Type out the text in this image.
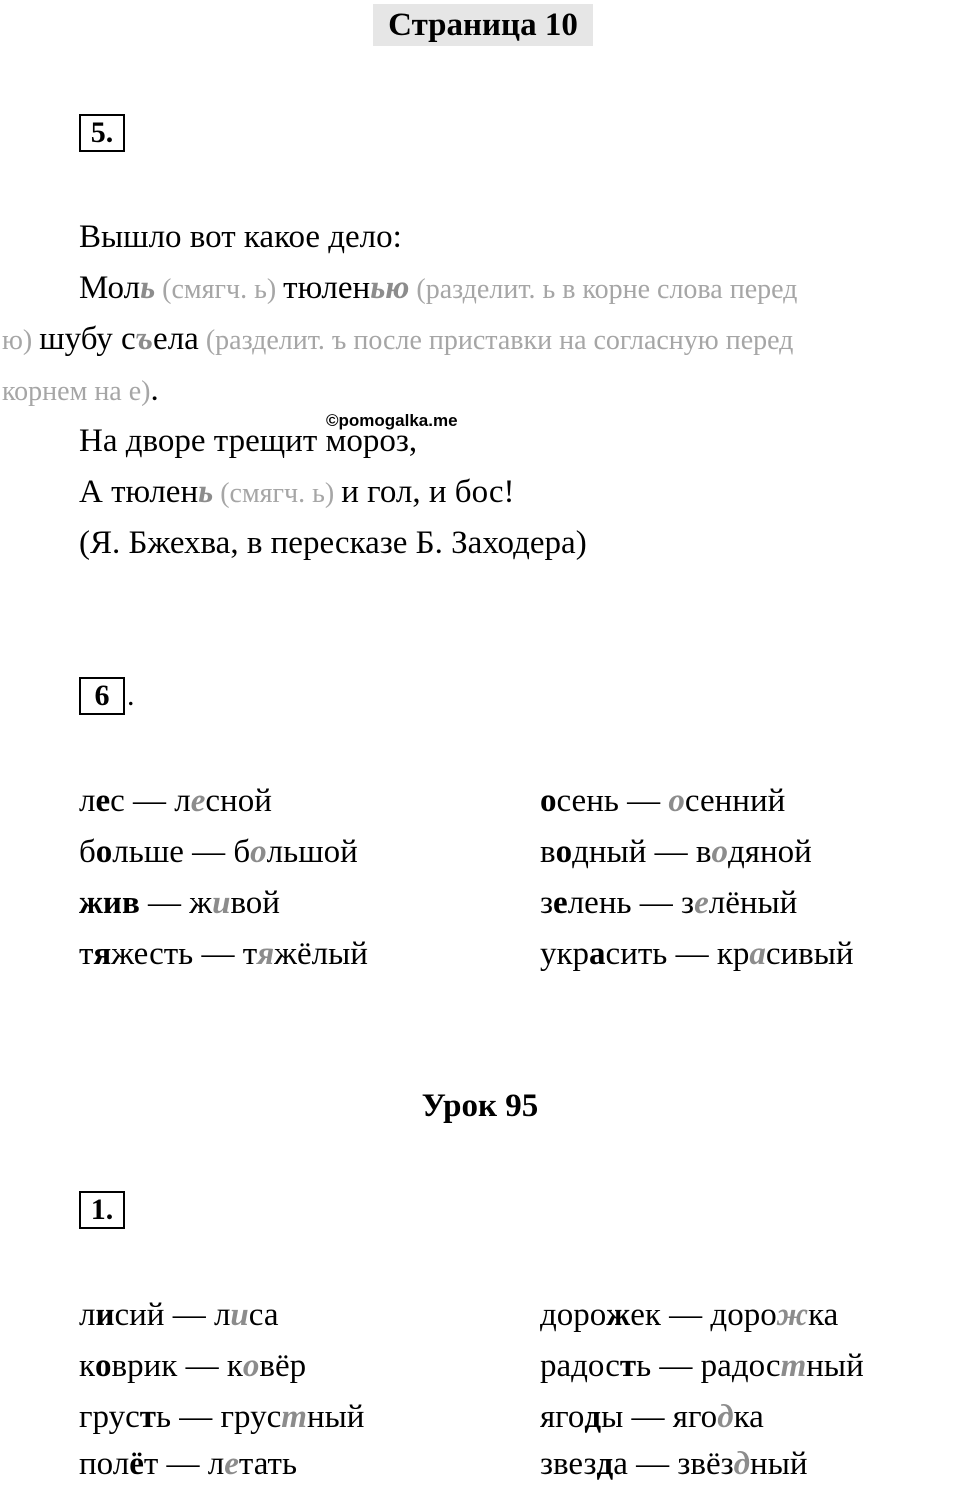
Страница 10
5.
Вышло вот какое дело:
Моль (смягч. ь) тюленью (разделит. ь в корне слова перед
ю) шубу съела (разделит. ъ после приставки на согласную перед
корнем на е).
©pomogalka.me
На дворе трещит мороз,
А тюлень (смягч. ь) и гол, и бос!
(Я. Бжехва, в пересказе Б. Заходера)
6 .
лес — лесной	осень — осенний
больше — большой	водный — водяной
жив — живой	зелень — зелёный
тяжесть — тяжёлый	украсить — красивый
Урок 95
1.
лисий — лиса	дорожек — дорожка
коврик — ковёр	радость — радостный
грусть — грустный	ягоды — ягодка
полёт — летать	звезда — звёздный
